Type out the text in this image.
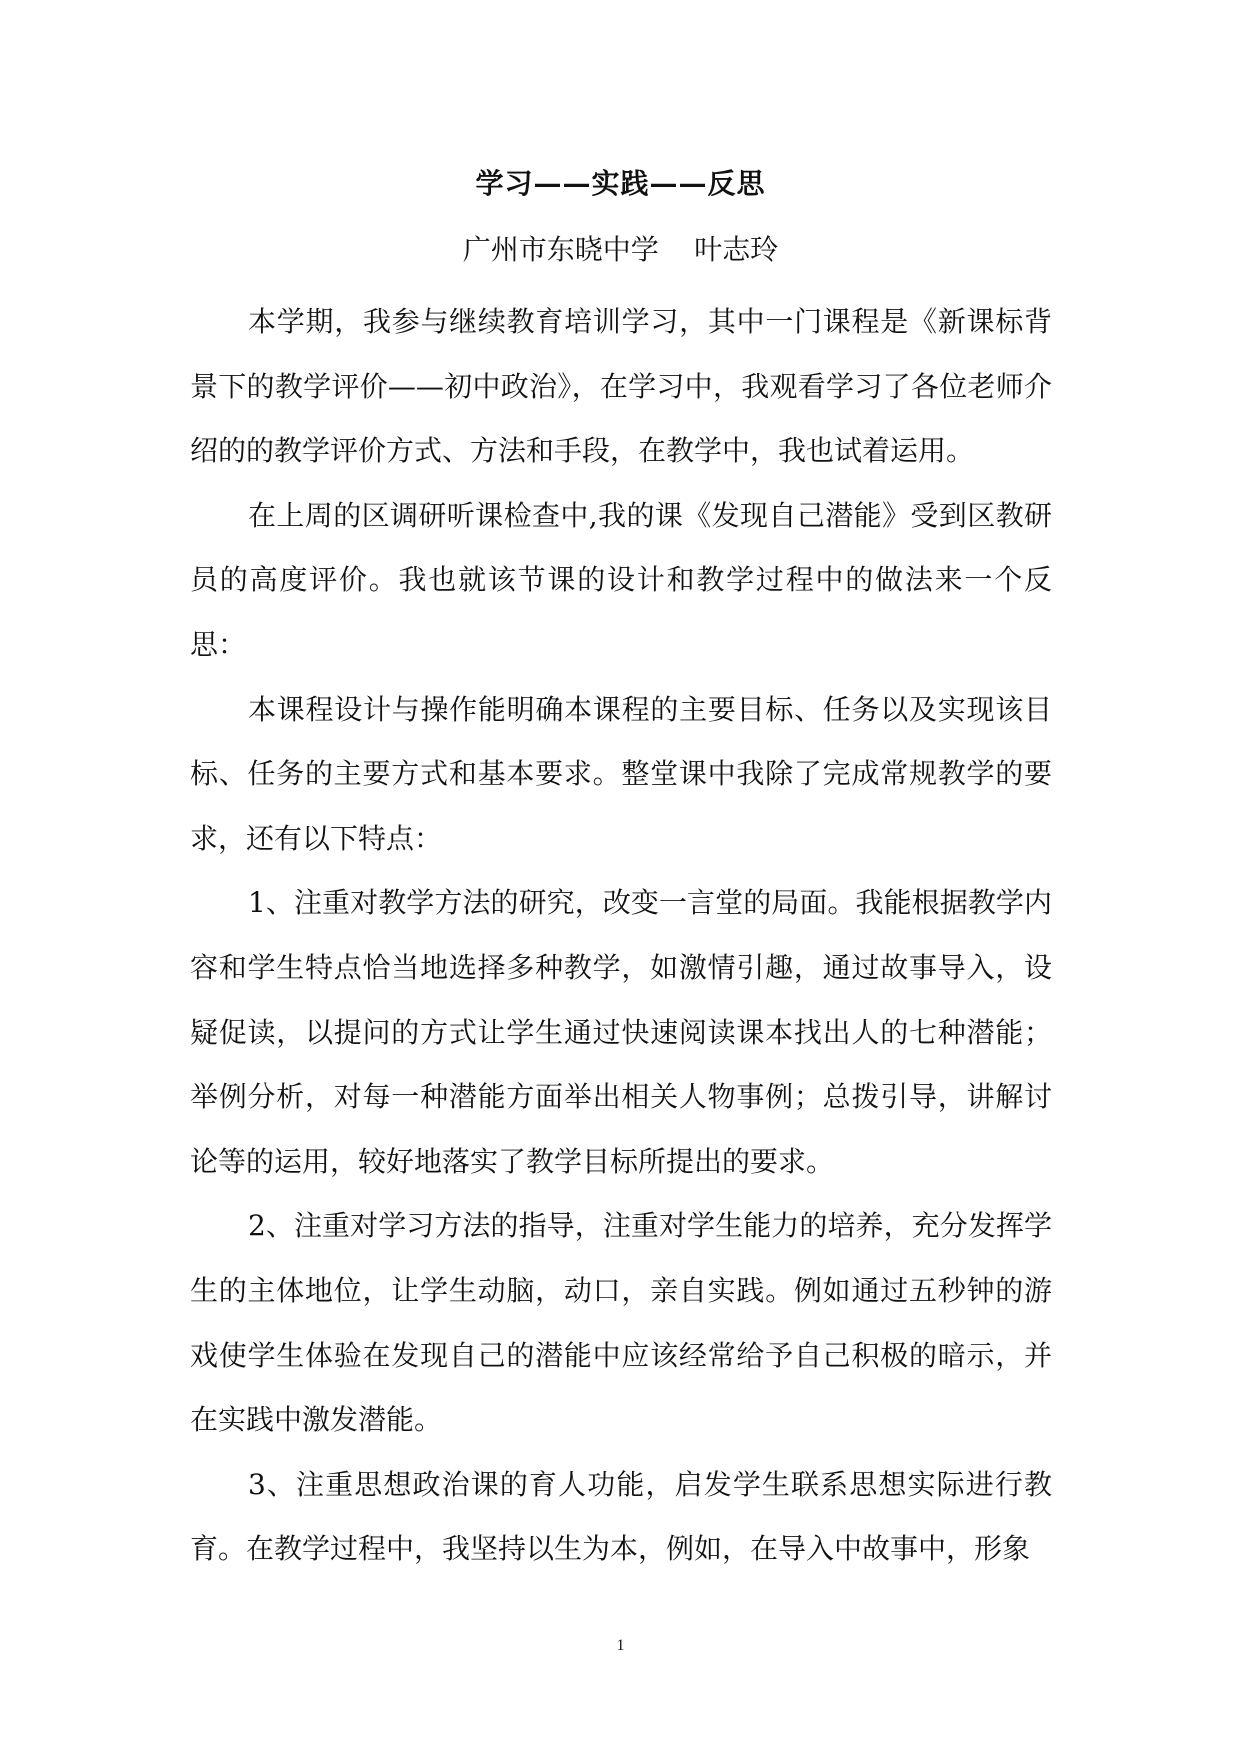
学习——实践——反思
广州市东晓中学    叶志玲

本学期，我参与继续教育培训学习，其中一门课程是《新课标背景下的教学评价——初中政治》，在学习中，我观看学习了各位老师介绍的的教学评价方式、方法和手段，在教学中，我也试着运用。

在上周的区调研听课检查中,我的课《发现自己潜能》受到区教研员的高度评价。我也就该节课的设计和教学过程中的做法来一个反思：

本课程设计与操作能明确本课程的主要目标、任务以及实现该目标、任务的主要方式和基本要求。整堂课中我除了完成常规教学的要求，还有以下特点：

1、注重对教学方法的研究，改变一言堂的局面。我能根据教学内容和学生特点恰当地选择多种教学，如激情引趣，通过故事导入，设疑促读，以提问的方式让学生通过快速阅读课本找出人的七种潜能；举例分析，对每一种潜能方面举出相关人物事例；总拨引导，讲解讨论等的运用，较好地落实了教学目标所提出的要求。

2、注重对学习方法的指导，注重对学生能力的培养，充分发挥学生的主体地位，让学生动脑，动口，亲自实践。例如通过五秒钟的游戏使学生体验在发现自己的潜能中应该经常给予自己积极的暗示，并在实践中激发潜能。

3、注重思想政治课的育人功能，启发学生联系思想实际进行教育。在教学过程中，我坚持以生为本，例如，在导入中故事中，形象

1
